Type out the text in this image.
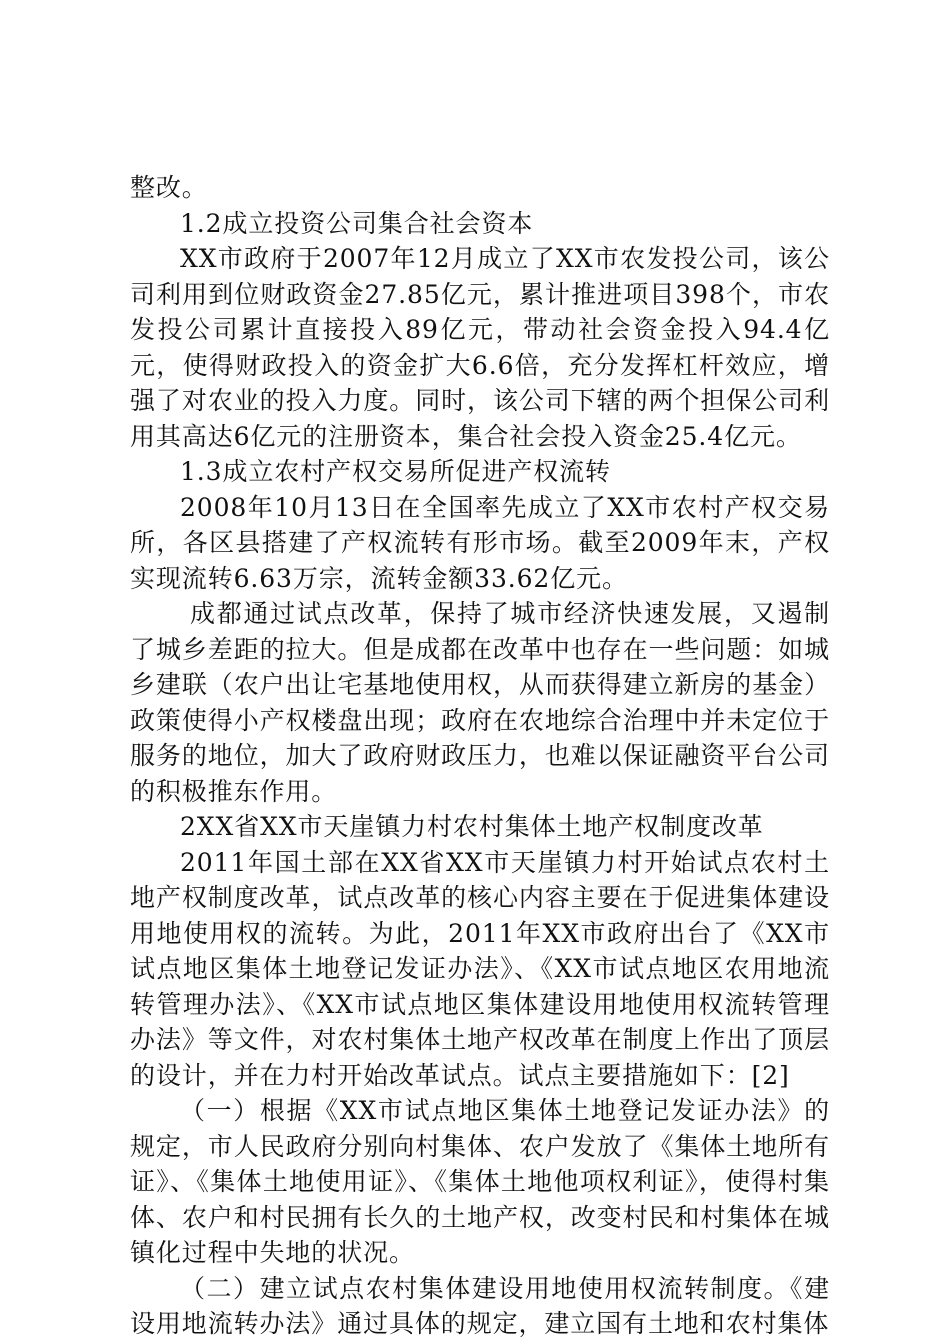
整改。

1.2成立投资公司集合社会资本

XX市政府于2007年12月成立了XX市农发投公司，该公司利用到位财政资金27.85亿元，累计推进项目398个，市农发投公司累计直接投入89亿元，带动社会资金投入94.4亿元，使得财政投入的资金扩大6.6倍，充分发挥杠杆效应，增强了对农业的投入力度。同时，该公司下辖的两个担保公司利用其高达6亿元的注册资本，集合社会投入资金25.4亿元。

1.3成立农村产权交易所促进产权流转

2008年10月13日在全国率先成立了XX市农村产权交易所，各区县搭建了产权流转有形市场。截至2009年末，产权实现流转6.63万宗，流转金额33.62亿元。

成都通过试点改革，保持了城市经济快速发展，又遏制了城乡差距的拉大。但是成都在改革中也存在一些问题：如城乡建联（农户出让宅基地使用权，从而获得建立新房的基金）政策使得小产权楼盘出现；政府在农地综合治理中并未定位于服务的地位，加大了政府财政压力，也难以保证融资平台公司的积极推东作用。

2XX省XX市天崖镇力村农村集体土地产权制度改革

2011年国土部在XX省XX市天崖镇力村开始试点农村土地产权制度改革，试点改革的核心内容主要在于促进集体建设用地使用权的流转。为此，2011年XX市政府出台了《XX市试点地区集体土地登记发证办法》、《XX市试点地区农用地流转管理办法》、《XX市试点地区集体建设用地使用权流转管理办法》等文件，对农村集体土地产权改革在制度上作出了顶层的设计，并在力村开始改革试点。试点主要措施如下：[2]

（一）根据《XX市试点地区集体土地登记发证办法》的规定，市人民政府分别向村集体、农户发放了《集体土地所有证》、《集体土地使用证》、《集体土地他项权利证》，使得村集体、农户和村民拥有长久的土地产权，改变村民和村集体在城镇化过程中失地的状况。

（二）建立试点农村集体建设用地使用权流转制度。《建设用地流转办法》通过具体的规定，建立国有土地和农村集体
